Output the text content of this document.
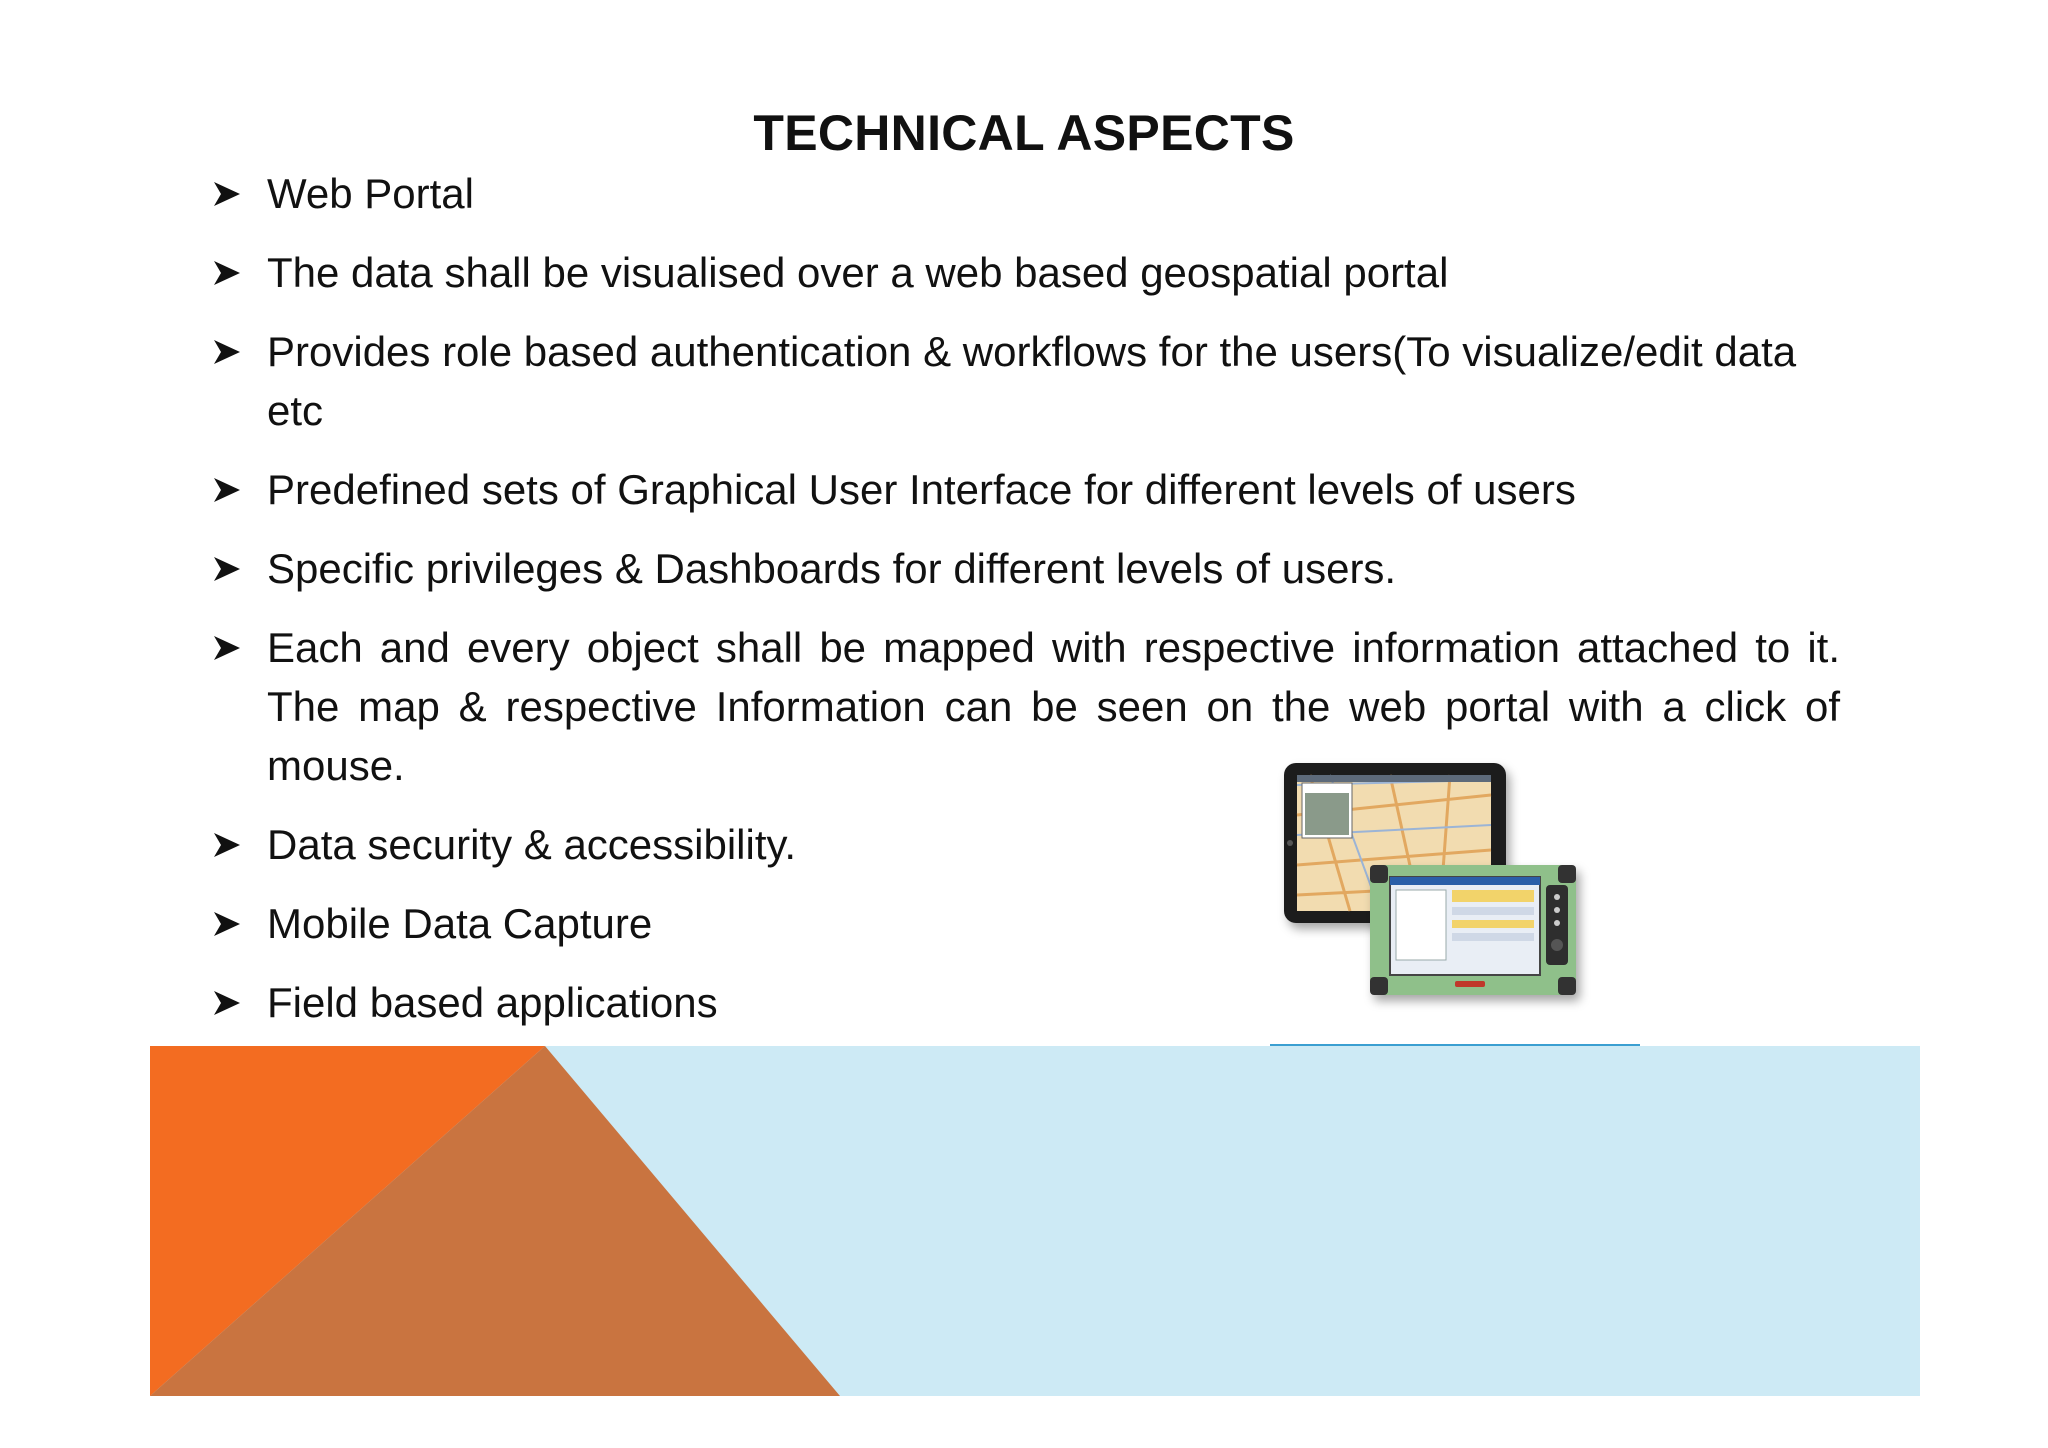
TECHNICAL ASPECTS
Web Portal
The data shall be visualised over a web based geospatial portal
Provides role based authentication & workflows for the users(To visualize/edit data etc
Predefined sets of Graphical User Interface for different levels of users
Specific privileges & Dashboards for different levels of users.
Each and every object shall be mapped with respective information attached to it. The map & respective Information can be seen on the web portal with a click of mouse.
Data security & accessibility.
Mobile Data Capture
Field based applications
